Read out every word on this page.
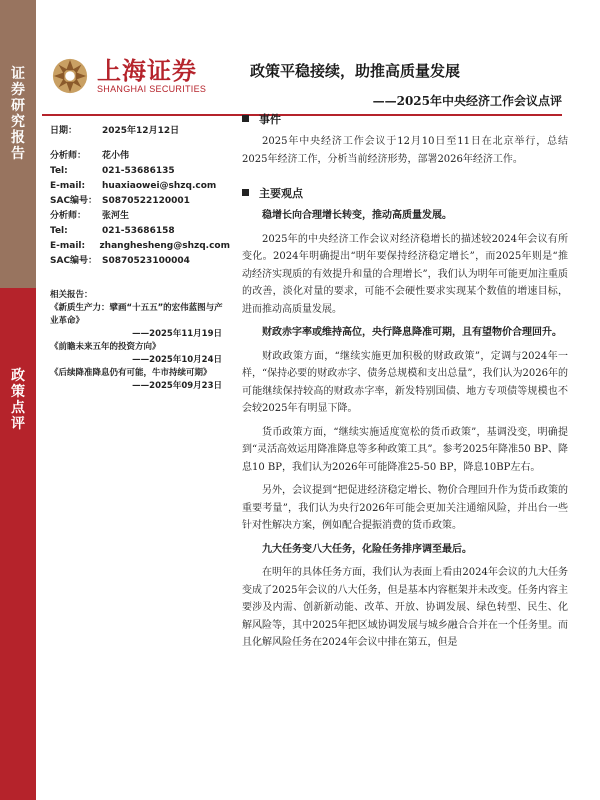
证
券
研
究
报
告
政
策
点
评
上海证券
SHANGHAI SECURITIES
政策平稳接续，助推高质量发展
——2025年中央经济工作会议点评
日期：	2025年12月12日
分析师：	花小伟
Tel:	021-53686135
E-mail:	huaxiaowei@shzq.com
SAC编号： S0870522120001
分析师：	张河生
Tel:	021-53686158
E-mail:	zhanghesheng@shzq.com
SAC编号： S0870523100004
相关报告：
《新质生产力：擘画“十五五”的宏伟蓝图与产业革命》
——2025年11月19日
《前瞻未来五年的投资方向》
——2025年10月24日
《后续降准降息仍有可能，牛市持续可期》
——2025年09月23日
事件

2025年中央经济工作会议于12月10日至11日在北京举行，总结2025年经济工作，分析当前经济形势，部署2026年经济工作。

主要观点

稳增长向合理增长转变，推动高质量发展。

2025年的中央经济工作会议对经济稳增长的描述较2024年会议有所变化。2024年明确提出“明年要保持经济稳定增长”，而2025年则是“推动经济实现质的有效提升和量的合理增长”，我们认为明年可能更加注重质的改善，淡化对量的要求，可能不会硬性要求实现某个数值的增速目标，进而推动高质量发展。

财政赤字率或维持高位，央行降息降准可期，且有望物价合理回升。

财政政策方面，“继续实施更加积极的财政政策”，定调与2024年一样，“保持必要的财政赤字、债务总规模和支出总量”，我们认为2026年的可能继续保持较高的财政赤字率，新发特别国债、地方专项债等规模也不会较2025年有明显下降。

货币政策方面，“继续实施适度宽松的货币政策”，基调没变，明确提到“灵活高效运用降准降息等多种政策工具”。参考2025年降准50 BP、降息10 BP，我们认为2026年可能降准25-50 BP，降息10BP左右。

另外，会议提到“把促进经济稳定增长、物价合理回升作为货币政策的重要考量”，我们认为央行2026年可能会更加关注通缩风险，并出台一些针对性解决方案，例如配合提振消费的货币政策。

九大任务变八大任务，化险任务排序调至最后。

在明年的具体任务方面，我们认为表面上看由2024年会议的九大任务变成了2025年会议的八大任务，但是基本内容框架并未改变。任务内容主要涉及内需、创新新动能、改革、开放、协调发展、绿色转型、民生、化解风险等，其中2025年把区域协调发展与城乡融合合并在一个任务里。而且化解风险任务在2024年会议中排在第五，但是
